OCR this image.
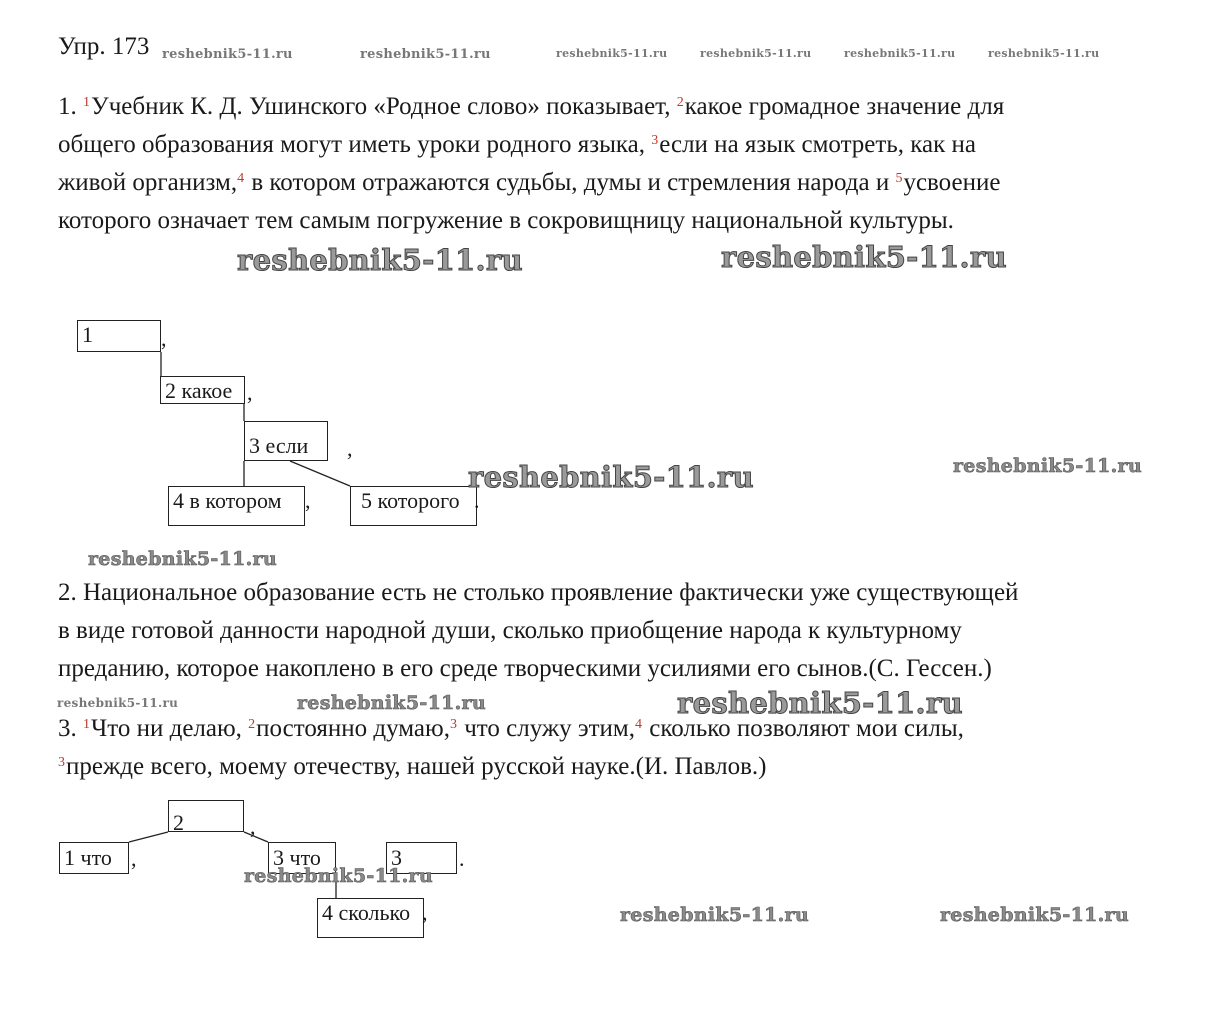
Упр. 173
1. $^1$Учебник К. Д. Ушинского «Родное слово» показывает, $^2$какое громадное значение для
общего образования могут иметь уроки родного языка, $^3$если на язык смотреть, как на
живой организм,$^4$ в котором отражаются судьбы, думы и стремления народа и $^5$усвоение
которого означает тем самым погружение в сокровищницу национальной культуры.
1	,
2 какое ,
3 если	,
4 в котором	,	5 которого .
2. Национальное образование есть не столько проявление фактически уже существующей
в виде готовой данности народной души, сколько приобщение народа к культурному
преданию, которое накоплено в его среде творческими усилиями его сынов.(С. Гессен.)
3. $^1$Что ни делаю, $^2$постоянно думаю,$^3$ что служу этим,$^4$ сколько позволяют мои силы,
$^3$прежде всего, моему отечеству, нашей русской науке.(И. Павлов.)
2	,
1 что ,	3 что	3	.
4 сколько ,
reshebnik5-11.ru	reshebnik5-11.ru	reshebnik5-11.ru	reshebnik5-11.ru	reshebnik5-11.ru	reshebnik5-11.ru
reshebnik5-11.ru	reshebnik5-11.ru
reshebnik5-11.ru	reshebnik5-11.ru
reshebnik5-11.ru
reshebnik5-11.ru	reshebnik5-11.ru	reshebnik5-11.ru
reshebnik5-11.ru
reshebnik5-11.ru	reshebnik5-11.ru
